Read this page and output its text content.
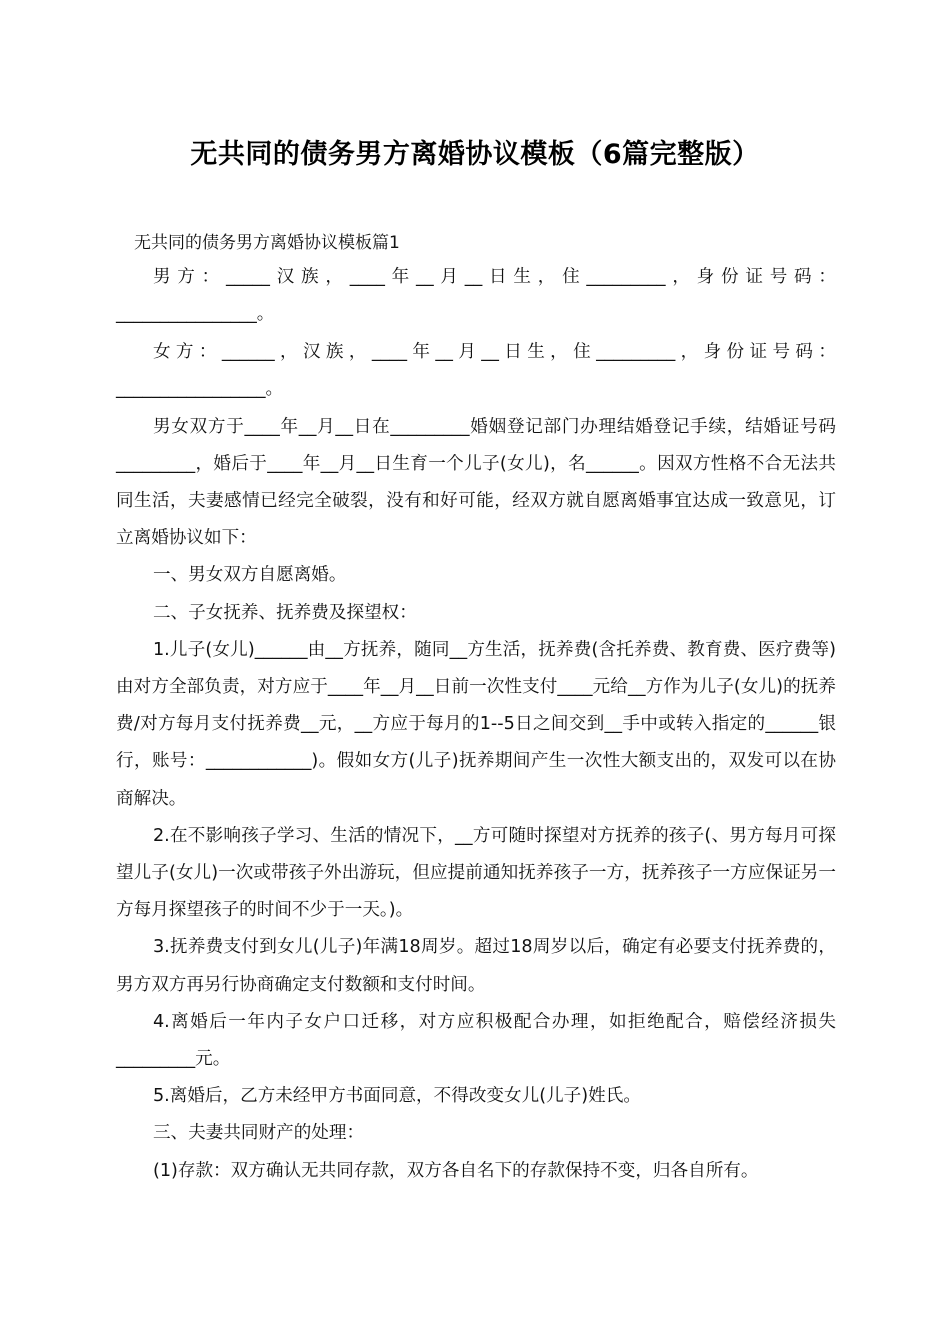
无共同的债务男方离婚协议模板（6篇完整版）
无共同的债务男方离婚协议模板篇1

男方：_____汉族，____年__月__日生，住_________，身份证号码：________________。

女方：______，汉族，____年__月__日生，住_________，身份证号码：_________________。

男女双方于____年__月__日在_________婚姻登记部门办理结婚登记手续，结婚证号码_________，婚后于____年__月__日生育一个儿子(女儿)，名______。因双方性格不合无法共同生活，夫妻感情已经完全破裂，没有和好可能，经双方就自愿离婚事宜达成一致意见，订立离婚协议如下：

一、男女双方自愿离婚。

二、子女抚养、抚养费及探望权：

1.儿子(女儿)______由__方抚养，随同__方生活，抚养费(含托养费、教育费、医疗费等)由对方全部负责，对方应于____年__月__日前一次性支付____元给__方作为儿子(女儿)的抚养费/对方每月支付抚养费__元，__方应于每月的1--5日之间交到__手中或转入指定的______银行，账号：____________)。假如女方(儿子)抚养期间产生一次性大额支出的，双发可以在协商解决。

2.在不影响孩子学习、生活的情况下，__方可随时探望对方抚养的孩子(、男方每月可探望儿子(女儿)一次或带孩子外出游玩，但应提前通知抚养孩子一方，抚养孩子一方应保证另一方每月探望孩子的时间不少于一天。)。

3.抚养费支付到女儿(儿子)年满18周岁。超过18周岁以后，确定有必要支付抚养费的，男方双方再另行协商确定支付数额和支付时间。

4.离婚后一年内子女户口迁移，对方应积极配合办理，如拒绝配合，赔偿经济损失_________元。

5.离婚后，乙方未经甲方书面同意，不得改变女儿(儿子)姓氏。

三、夫妻共同财产的处理：

(1)存款：双方确认无共同存款，双方各自名下的存款保持不变，归各自所有。
